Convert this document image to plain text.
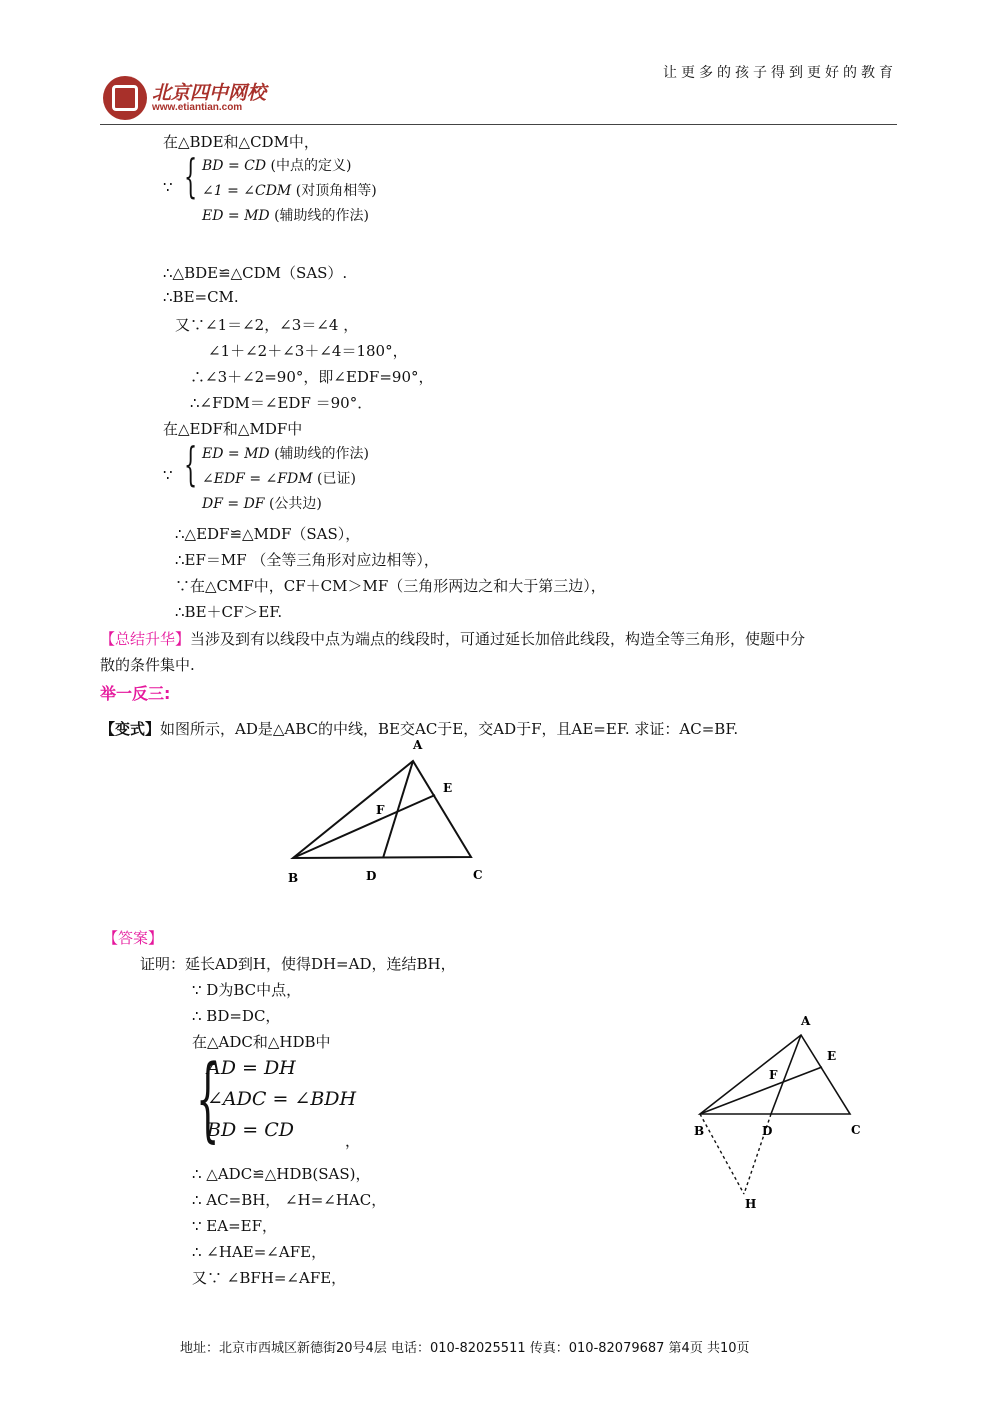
北京四中网校
www.etiantian.com
让更多的孩子得到更好的教育
在△BDE和△CDM中，
∵ { BD = CD (中点的定义)
∠1 = ∠CDM (对顶角相等)
ED = MD (辅助线的作法)
∴△BDE≌△CDM（SAS）.
∴BE=CM.
又∵∠1＝∠2，∠3＝∠4 ，
∠1＋∠2＋∠3＋∠4＝180°，
∴∠3＋∠2=90°，即∠EDF=90°，
∴∠FDM＝∠EDF ＝90°．
在△EDF和△MDF中
∵ { ED = MD (辅助线的作法)
∠EDF = ∠FDM (已证)
DF = DF (公共边)
∴△EDF≌△MDF（SAS），
∴EF＝MF （全等三角形对应边相等），
∵在△CMF中，CF＋CM＞MF（三角形两边之和大于第三边），
∴BE＋CF＞EF.
【总结升华】当涉及到有以线段中点为端点的线段时，可通过延长加倍此线段，构造全等三角形，使题中分
散的条件集中.
举一反三:
【变式】如图所示，AD是△ABC的中线，BE交AC于E，交AD于F，且AE=EF. 求证：AC=BF.
A
E
F
B	D	C
【答案】
证明：延长AD到H，使得DH=AD，连结BH，
∵ D为BC中点，
∴ BD=DC，
在△ADC和△HDB中
{
AD = DH
∠ADC = ∠BDH
BD = CD	，
∴ △ADC≌△HDB(SAS)，
∴ AC=BH， ∠H=∠HAC，
∵ EA=EF，
∴ ∠HAE=∠AFE，
又∵ ∠BFH=∠AFE，
A
E
F
B	D	C
H
地址：北京市西城区新德街20号4层 电话：010-82025511 传真：010-82079687 第4页 共10页
